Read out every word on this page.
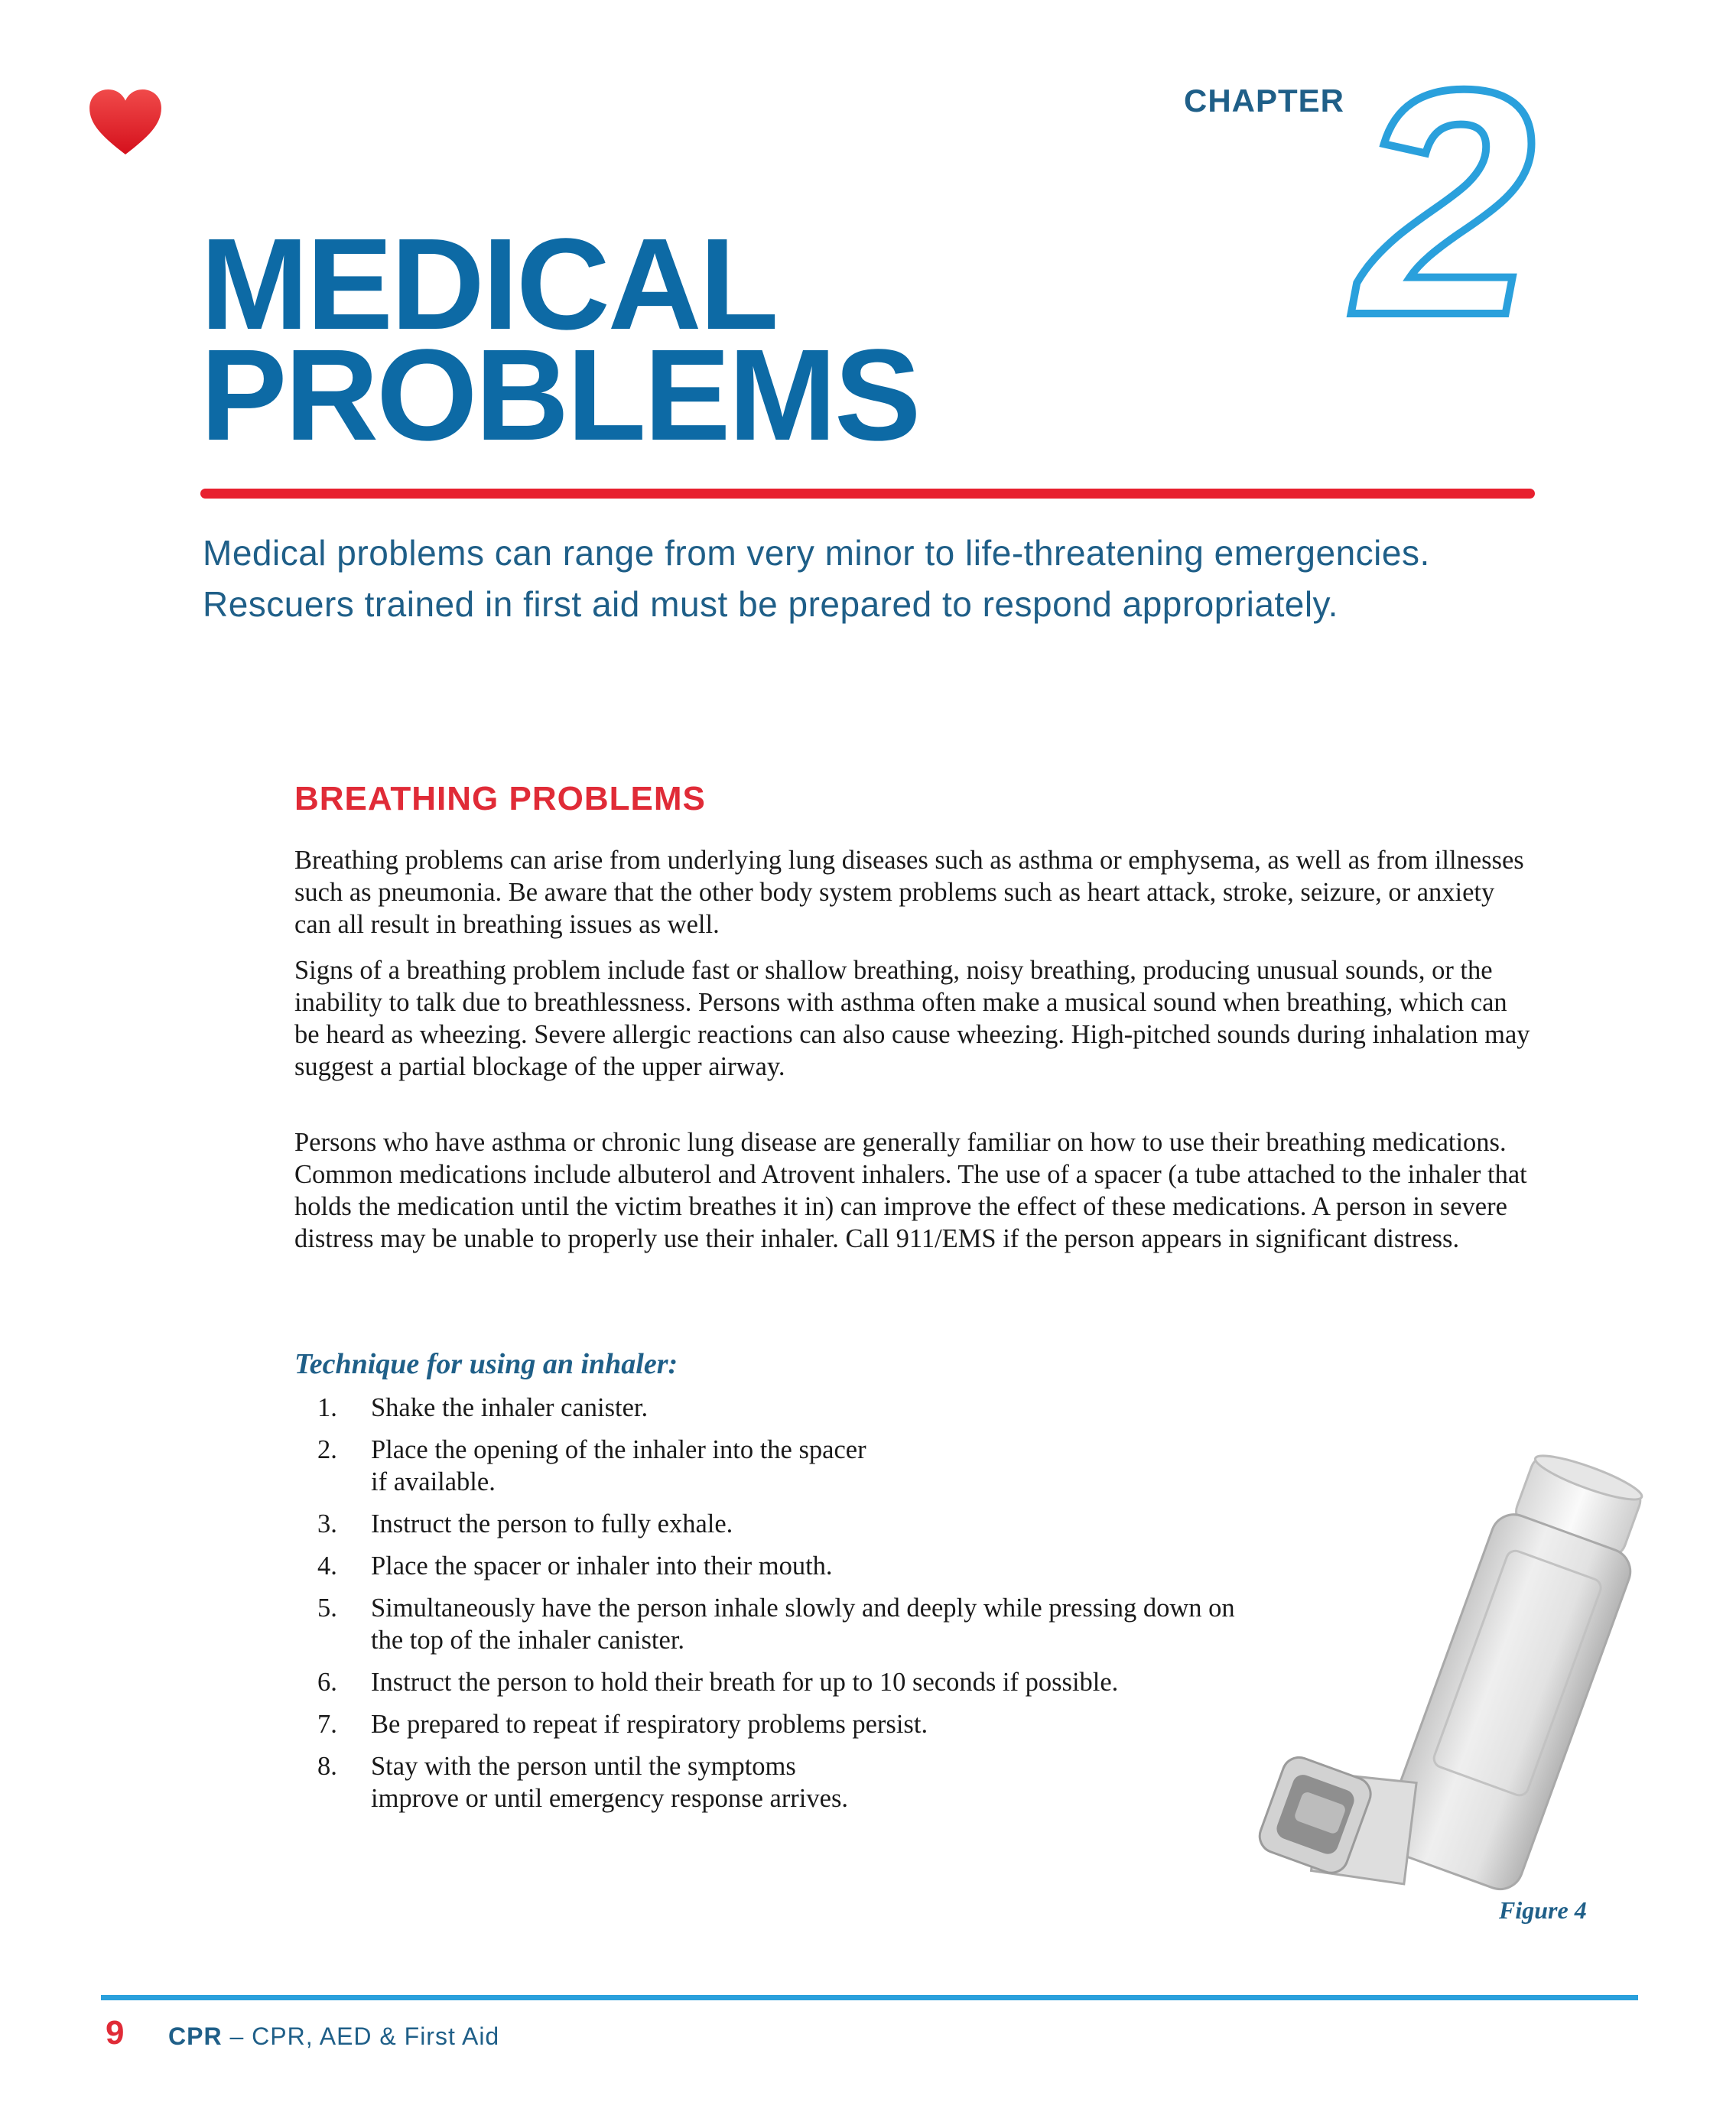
CHAPTER 2
MEDICAL
PROBLEMS
Medical problems can range from very minor to life-threatening emergencies. Rescuers trained in first aid must be prepared to respond appropriately.
BREATHING PROBLEMS
Breathing problems can arise from underlying lung diseases such as asthma or emphysema, as well as from illnesses such as pneumonia. Be aware that the other body system problems such as heart attack, stroke, seizure, or anxiety can all result in breathing issues as well.
Signs of a breathing problem include fast or shallow breathing, noisy breathing, producing unusual sounds, or the inability to talk due to breathlessness. Persons with asthma often make a musical sound when breathing, which can be heard as wheezing. Severe allergic reactions can also cause wheezing. High-pitched sounds during inhalation may suggest a partial blockage of the upper airway.
Persons who have asthma or chronic lung disease are generally familiar on how to use their breathing medications. Common medications include albuterol and Atrovent inhalers. The use of a spacer (a tube attached to the inhaler that holds the medication until the victim breathes it in) can improve the effect of these medications. A person in severe distress may be unable to properly use their inhaler. Call 911/EMS if the person appears in significant distress.
Technique for using an inhaler:
1. Shake the inhaler canister.
2. Place the opening of the inhaler into the spacer
if available.
3. Instruct the person to fully exhale.
4. Place the spacer or inhaler into their mouth.
5. Simultaneously have the person inhale slowly and deeply while pressing down on
the top of the inhaler canister.
6. Instruct the person to hold their breath for up to 10 seconds if possible.
7. Be prepared to repeat if respiratory problems persist.
8. Stay with the person until the symptoms
improve or until emergency response arrives.
Figure 4
9 CPR – CPR, AED & First Aid
